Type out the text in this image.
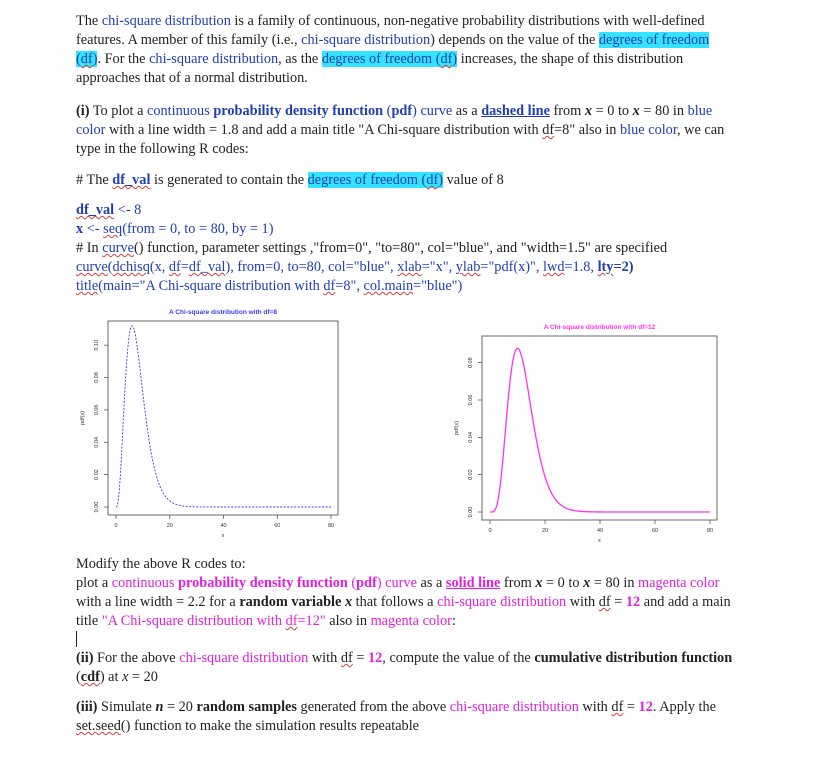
The chi-square distribution is a family of continuous, non-negative probability distributions with well-defined features. A member of this family (i.e., chi-square distribution) depends on the value of the degrees of freedom (df). For the chi-square distribution, as the degrees of freedom (df) increases, the shape of this distribution approaches that of a normal distribution.
(i) To plot a continuous probability density function (pdf) curve as a dashed line from x = 0 to x = 80 in blue color with a line width = 1.8 and add a main title "A Chi-square distribution with df=8" also in blue color, we can type in the following R codes:
# The df_val is generated to contain the degrees of freedom (df) value of 8
df_val <- 8
x <- seq(from = 0, to = 80, by = 1)
# In curve() function, parameter settings ,"from=0", "to=80", col="blue", and "width=1.5" are specified
curve(dchisq(x, df=df_val), from=0, to=80, col="blue", xlab="x", ylab="pdf(x)", lwd=1.8, lty=2)
title(main="A Chi-square distribution with df=8", col.main="blue")
A Chi-square distribution with df=8
0	20	40	60	80
x
0.00
0.02
0.04
0.06
0.08
0.10
pdf(x)
A Chi-square distribution with df=12
0	20	40	60	80
x
0.00
0.02
0.04
0.06
0.08
pdf(x)
Modify the above R codes to:
plot a continuous probability density function (pdf) curve as a solid line from x = 0 to x = 80 in magenta color with a line width = 2.2 for a random variable x that follows a chi-square distribution with df = 12 and add a main title "A Chi-square distribution with df=12" also in magenta color:
(ii) For the above chi-square distribution with df = 12, compute the value of the cumulative distribution function (cdf) at x = 20
(iii) Simulate n = 20 random samples generated from the above chi-square distribution with df = 12. Apply the set.seed() function to make the simulation results repeatable
